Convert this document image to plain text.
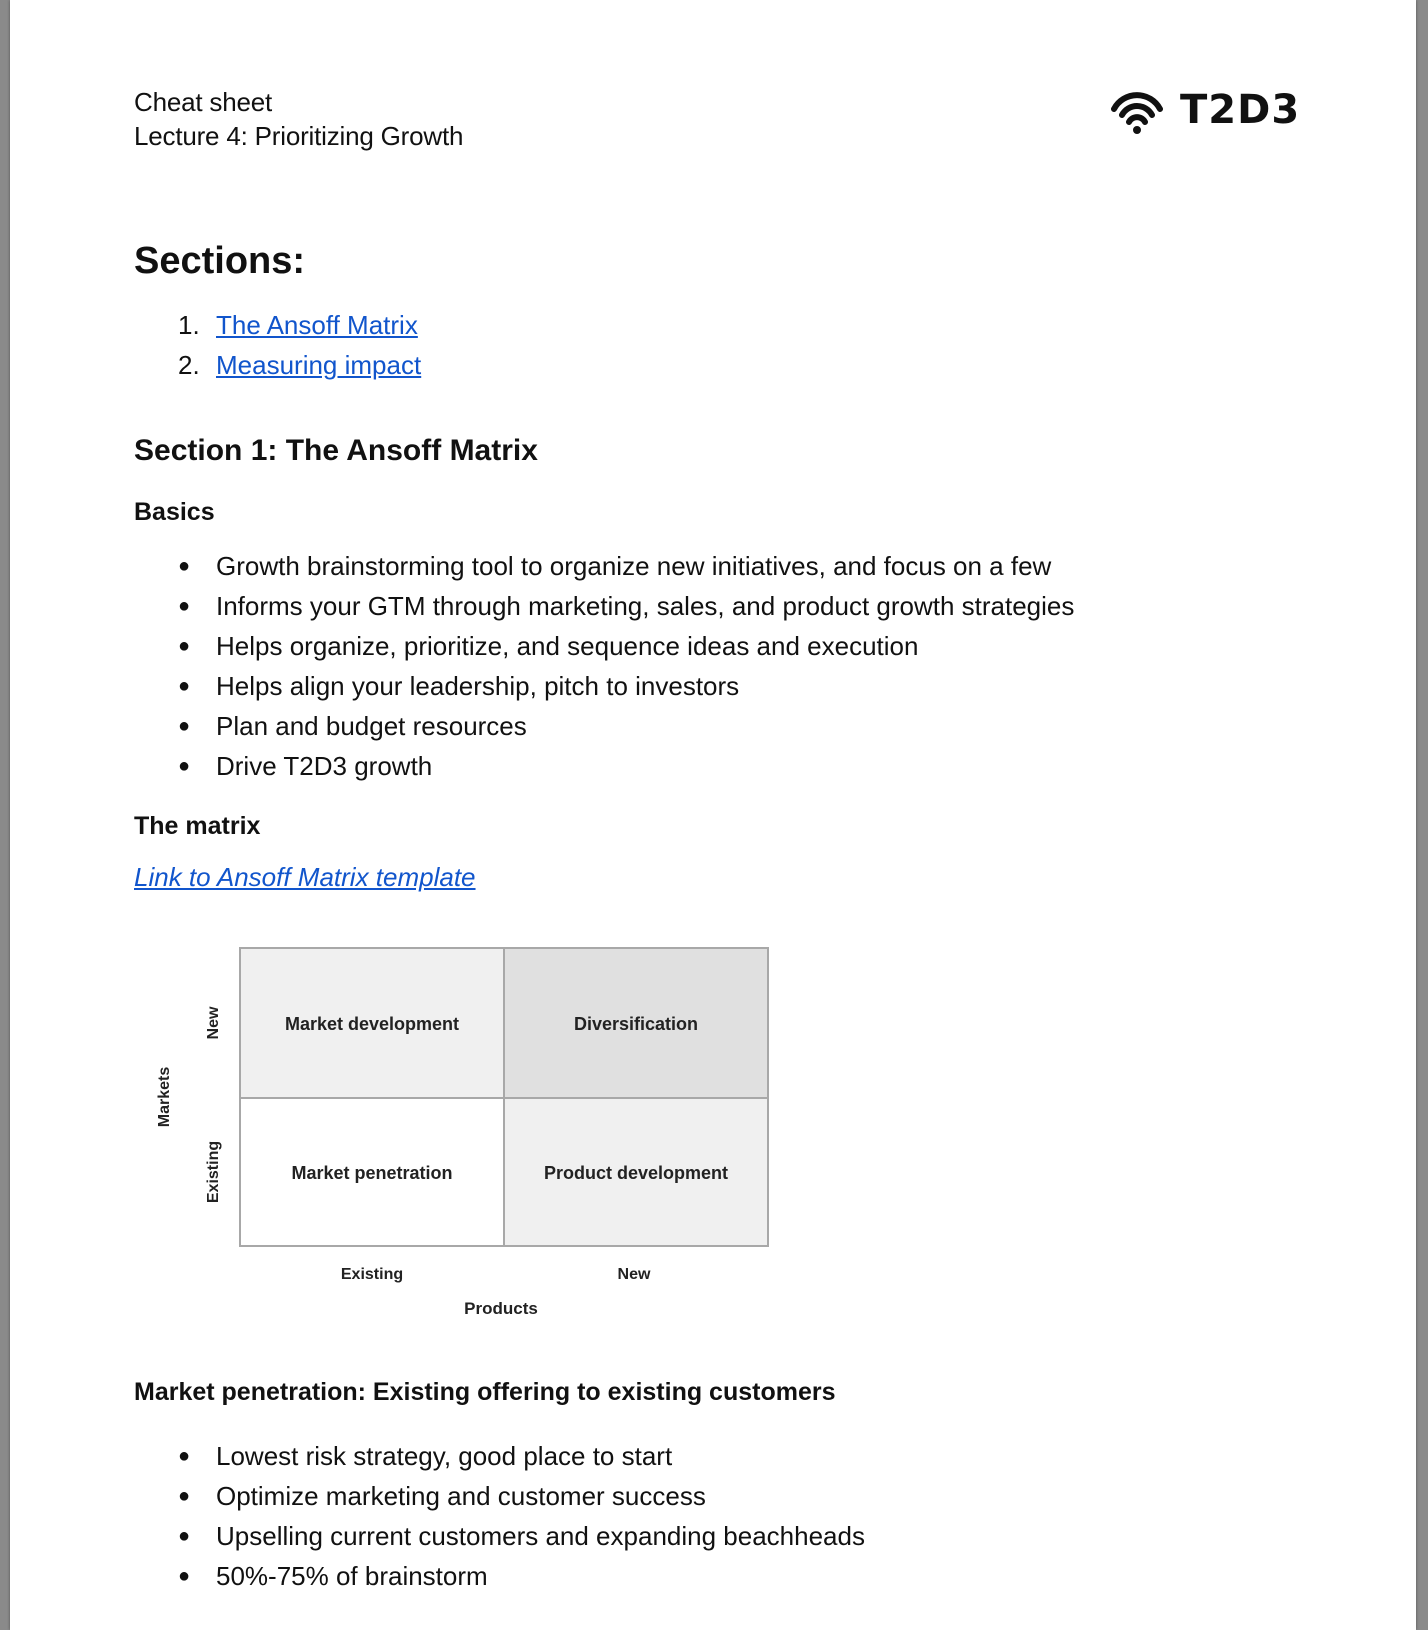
Cheat sheet
Lecture 4: Prioritizing Growth
T2D3
Sections:
1. The Ansoff Matrix
2. Measuring impact
Section 1: The Ansoff Matrix
Basics
● Growth brainstorming tool to organize new initiatives, and focus on a few
● Informs your GTM through marketing, sales, and product growth strategies
● Helps organize, prioritize, and sequence ideas and execution
● Helps align your leadership, pitch to investors
● Plan and budget resources
● Drive T2D3 growth
The matrix
Link to Ansoff Matrix template
Market development	Diversification
Market penetration	Product development
Markets
New
Existing
Existing	New
Products
Market penetration: Existing offering to existing customers
● Lowest risk strategy, good place to start
● Optimize marketing and customer success
● Upselling current customers and expanding beachheads
● 50%-75% of brainstorm
